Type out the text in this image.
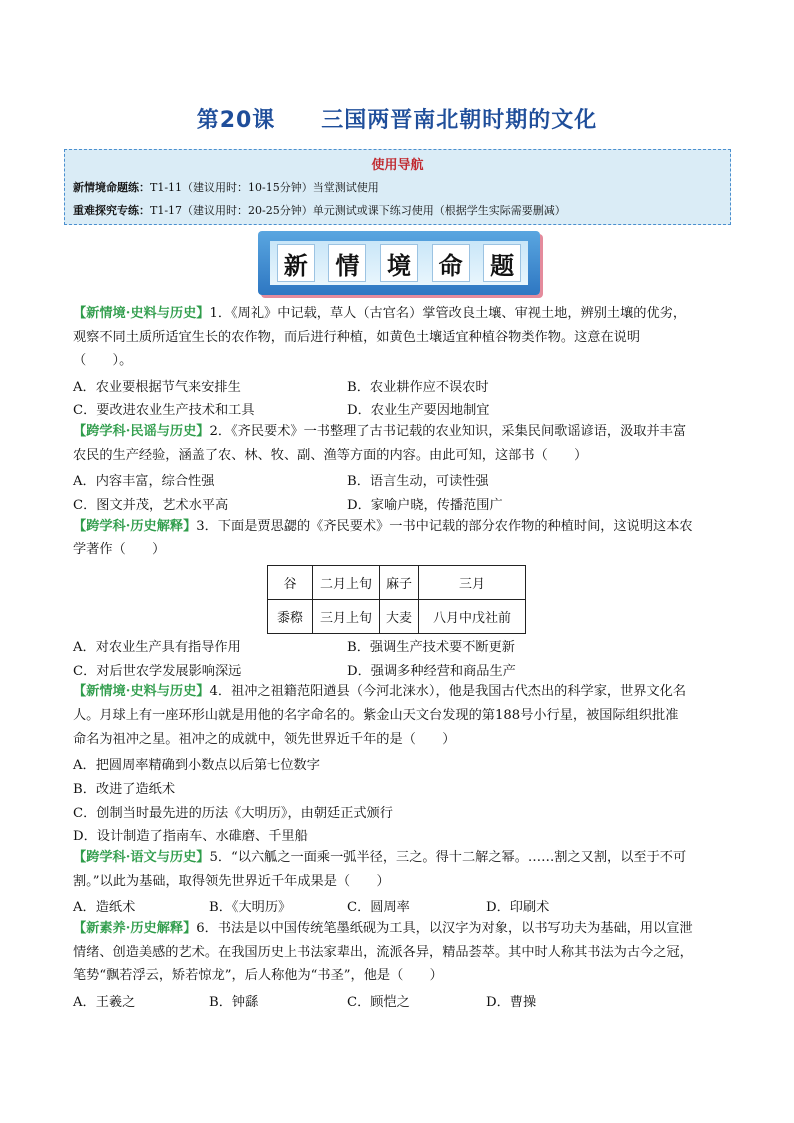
第20课　　三国两晋南北朝时期的文化
使用导航
新情境命题练：T1-11（建议用时：10-15分钟）当堂测试使用
重难探究专练：T1-17（建议用时：20-25分钟）单元测试或课下练习使用（根据学生实际需要删减）
新 情 境 命 题
【新情境·史料与历史】1．《周礼》中记载，草人（古官名）掌管改良土壤、审视土地，辨别土壤的优劣，
观察不同土质所适宜生长的农作物，而后进行种植，如黄色土壤适宜种植谷物类作物。这意在说明
（　　）。
A．农业要根据节气来安排生	B．农业耕作应不误农时
C．要改进农业生产技术和工具	D．农业生产要因地制宜
【跨学科·民谣与历史】2．《齐民要术》一书整理了古书记载的农业知识，采集民间歌谣谚语，汲取并丰富
农民的生产经验，涵盖了农、林、牧、副、渔等方面的内容。由此可知，这部书（　　）
A．内容丰富，综合性强	B．语言生动，可读性强
C．图文并茂，艺术水平高	D．家喻户晓，传播范围广
【跨学科·历史解释】3．下面是贾思勰的《齐民要术》一书中记载的部分农作物的种植时间，这说明这本农
学著作（　　）
谷	二月上旬	麻子	三月
黍穄	三月上旬	大麦	八月中戊社前
A．对农业生产具有指导作用	B．强调生产技术要不断更新
C．对后世农学发展影响深远	D．强调多种经营和商品生产
【新情境·史料与历史】4．祖冲之祖籍范阳遒县（今河北涞水），他是我国古代杰出的科学家，世界文化名
人。月球上有一座环形山就是用他的名字命名的。紫金山天文台发现的第188号小行星，被国际组织批准
命名为祖冲之星。祖冲之的成就中，领先世界近千年的是（　　）
A．把圆周率精确到小数点以后第七位数字
B．改进了造纸术
C．创制当时最先进的历法《大明历》，由朝廷正式颁行
D．设计制造了指南车、水碓磨、千里船
【跨学科·语文与历史】5．“以六觚之一面乘一弧半径，三之。得十二解之幂。……割之又割，以至于不可
割。”以此为基础，取得领先世界近千年成果是（　　）
A．造纸术	B．《大明历》	C．圆周率	D．印刷术
【新素养·历史解释】6．书法是以中国传统笔墨纸砚为工具，以汉字为对象，以书写功夫为基础，用以宣泄
情绪、创造美感的艺术。在我国历史上书法家辈出，流派各异，精品荟萃。其中时人称其书法为古今之冠，
笔势“飘若浮云，矫若惊龙”，后人称他为“书圣”，他是（　　）
A．王羲之	B．钟繇	C．顾恺之	D．曹操
